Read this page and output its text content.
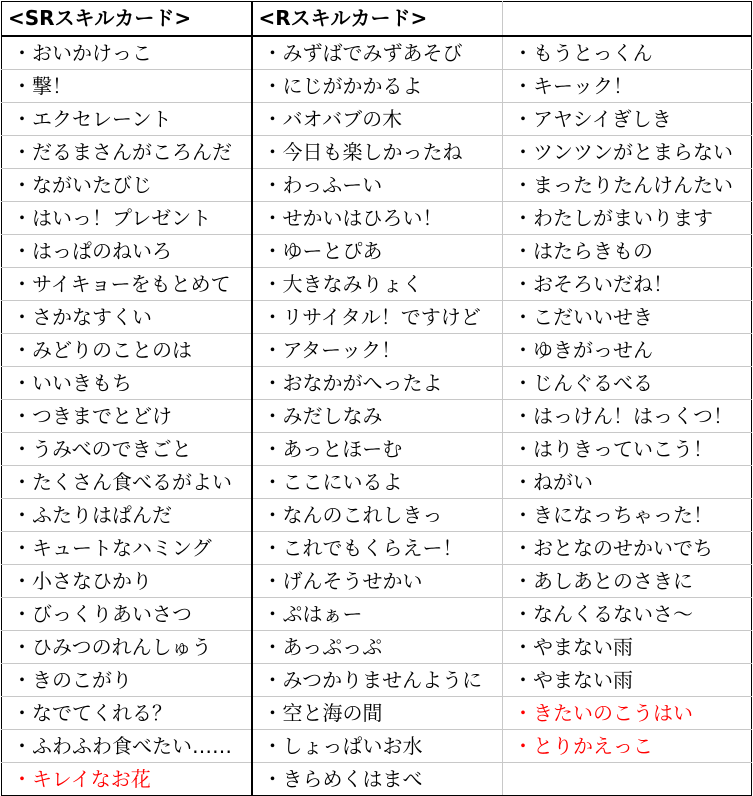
<SRスキルカード>	<Rスキルカード>	
・おいかけっこ	・みずばでみずあそび	・もうとっくん
・撃！	・にじがかかるよ	・キーック！
・エクセレーント	・バオバブの木	・アヤシイぎしき
・だるまさんがころんだ	・今日も楽しかったね	・ツンツンがとまらない
・ながいたびじ	・わっふーい	・まったりたんけんたい
・はいっ！プレゼント	・せかいはひろい！	・わたしがまいります
・はっぱのねいろ	・ゆーとぴあ	・はたらきもの
・サイキョーをもとめて	・大きなみりょく	・おそろいだね！
・さかなすくい	・リサイタル！ですけど	・こだいいせき
・みどりのことのは	・アターック！	・ゆきがっせん
・いいきもち	・おなかがへったよ	・じんぐるべる
・つきまでとどけ	・みだしなみ	・はっけん！はっくつ！
・うみべのできごと	・あっとほーむ	・はりきっていこう！
・たくさん食べるがよい	・ここにいるよ	・ねがい
・ふたりはぱんだ	・なんのこれしきっ	・きになっちゃった！
・キュートなハミング	・これでもくらえー！	・おとなのせかいでち
・小さなひかり	・げんそうせかい	・あしあとのさきに
・びっくりあいさつ	・ぷはぁー	・なんくるないさ～
・ひみつのれんしゅう	・あっぷっぷ	・やまない雨
・きのこがり	・みつかりませんように	・やまない雨
・なでてくれる？	・空と海の間	・きたいのこうはい
・ふわふわ食べたい……	・しょっぱいお水	・とりかえっこ
・キレイなお花	・きらめくはまべ	
